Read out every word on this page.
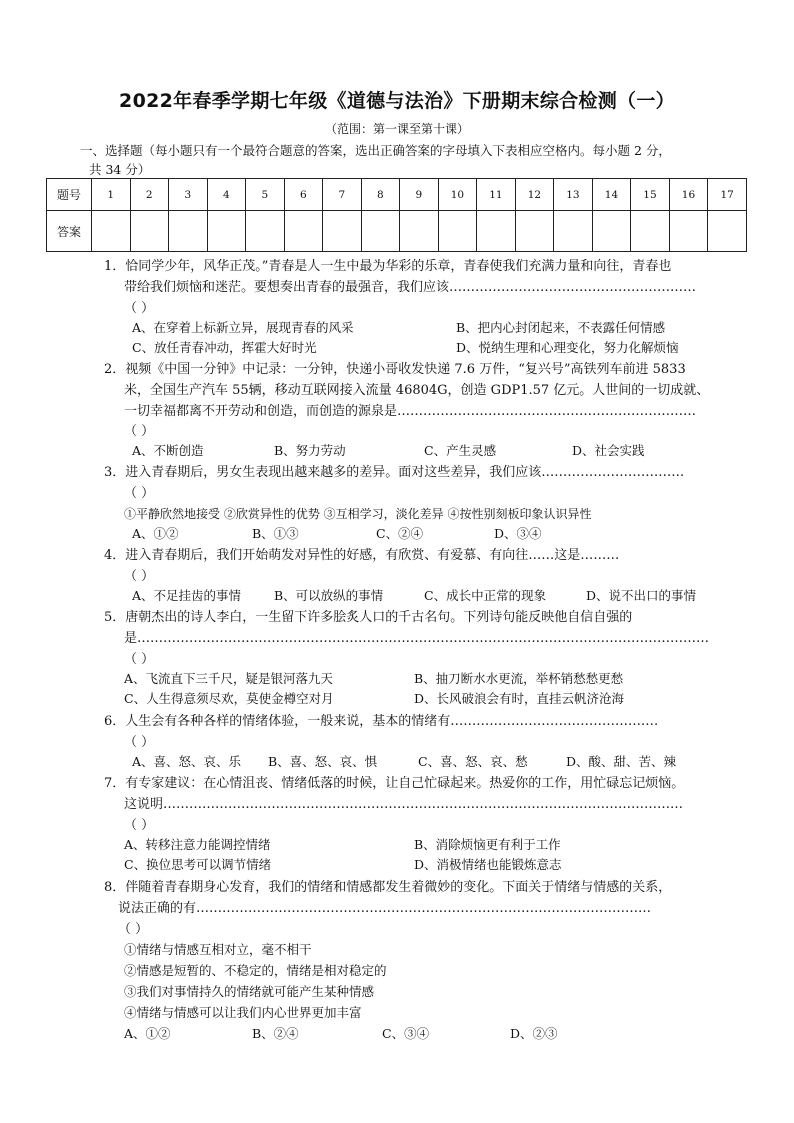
2022年春季学期七年级《道德与法治》下册期末综合检测（一）
（范围：第一课至第十课）
一、选择题（每小题只有一个最符合题意的答案，选出正确答案的字母填入下表相应空格内。每小题 2 分，
共 34 分）
题号	1	2	3	4	5	6	7	8	9	10	11	12	13	14	15	16	17
答案																	
1．恰同学少年，风华正茂。”青春是人一生中最为华彩的乐章，青春使我们充满力量和向往，青春也
带给我们烦恼和迷茫。要想奏出青春的最强音，我们应该…………………………………………………
（ ）
A、在穿着上标新立异，展现青春的风采	B、把内心封闭起来，不表露任何情感
C、放任青春冲动，挥霍大好时光	D、悦纳生理和心理变化，努力化解烦恼
2．视频《中国一分钟》中记录：一分钟，快递小哥收发快递 7.6 万件，“复兴号”高铁列车前进 5833
米，全国生产汽车 55辆，移动互联网接入流量 46804G，创造 GDP1.57 亿元。人世间的一切成就、
一切幸福都离不开劳动和创造，而创造的源泉是……………………………………………………………
（ ）
A、不断创造	B、努力劳动	C、产生灵感	D、社会实践
3．进入青春期后，男女生表现出越来越多的差异。面对这些差异，我们应该……………………………
（ ）
①平静欣然地接受 ②欣赏异性的优势 ③互相学习，淡化差异 ④按性别刻板印象认识异性
A、①②	B、①③	C、②④	D、③④
4．进入青春期后，我们开始萌发对异性的好感，有欣赏、有爱慕、有向往……这是………
（ ）
A、不足挂齿的事情	B、可以放纵的事情	C、成长中正常的现象	D、说不出口的事情
5．唐朝杰出的诗人李白，一生留下许多脍炙人口的千古名句。下列诗句能反映他自信自强的
是……………………………………………………………………………………………………………………
（ ）
A、飞流直下三千尺，疑是银河落九天	B、抽刀断水水更流，举杯销愁愁更愁
C、人生得意须尽欢，莫使金樽空对月	D、长风破浪会有时，直挂云帆济沧海
6．人生会有各种各样的情绪体验，一般来说，基本的情绪有…………………………………………
（ ）
A、喜、怒、哀、乐 B、喜、怒、哀、惧	C、喜、怒、哀、愁	D、酸、甜、苦、辣
7．有专家建议：在心情沮丧、情绪低落的时候，让自己忙碌起来。热爱你的工作，用忙碌忘记烦恼。
这说明…………………………………………………………………………………………………………
（ ）
A、转移注意力能调控情绪	B、消除烦恼更有利于工作
C、换位思考可以调节情绪	D、消极情绪也能锻炼意志
8．伴随着青春期身心发育，我们的情绪和情感都发生着微妙的变化。下面关于情绪与情感的关系，
说法正确的有……………………………………………………………………………………………
（ ）
①情绪与情感互相对立，毫不相干
②情感是短暂的、不稳定的，情绪是相对稳定的
③我们对事情持久的情绪就可能产生某种情感
④情绪与情感可以让我们内心世界更加丰富
A、①②	B、②④	C、③④	D、②③
